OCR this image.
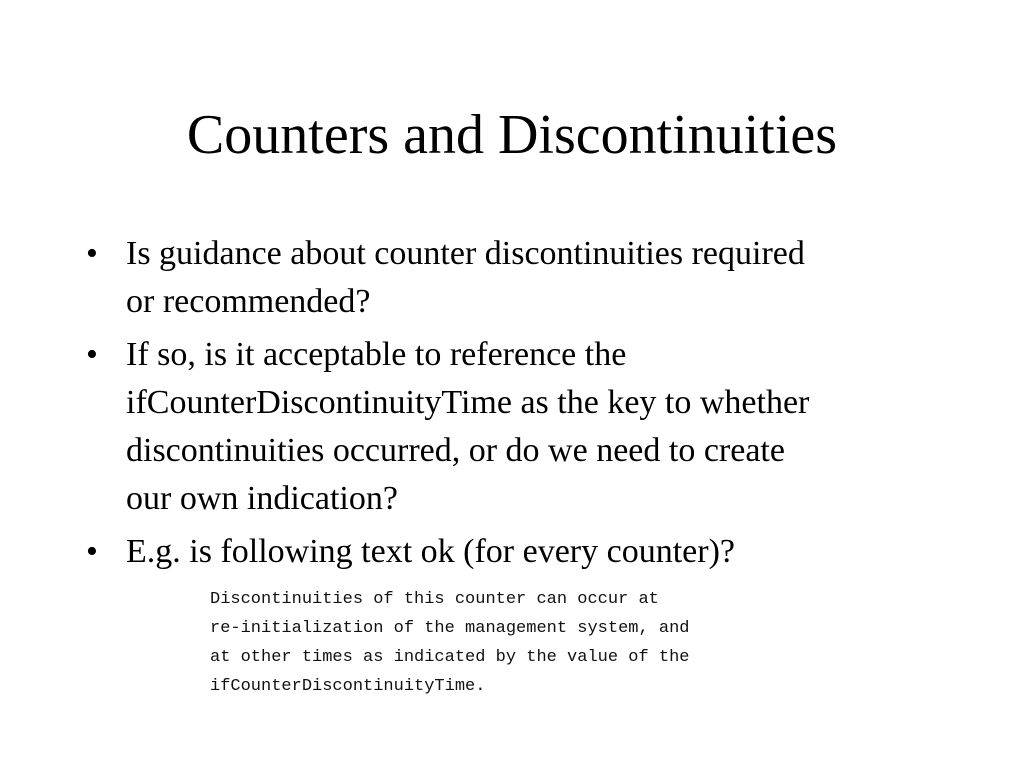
Counters and Discontinuities
• Is guidance about counter discontinuities required
or recommended?
• If so, is it acceptable to reference the
ifCounterDiscontinuityTime as the key to whether
discontinuities occurred, or do we need to create
our own indication?
• E.g. is following text ok (for every counter)?
Discontinuities of this counter can occur at
re-initialization of the management system, and
at other times as indicated by the value of the
ifCounterDiscontinuityTime.
